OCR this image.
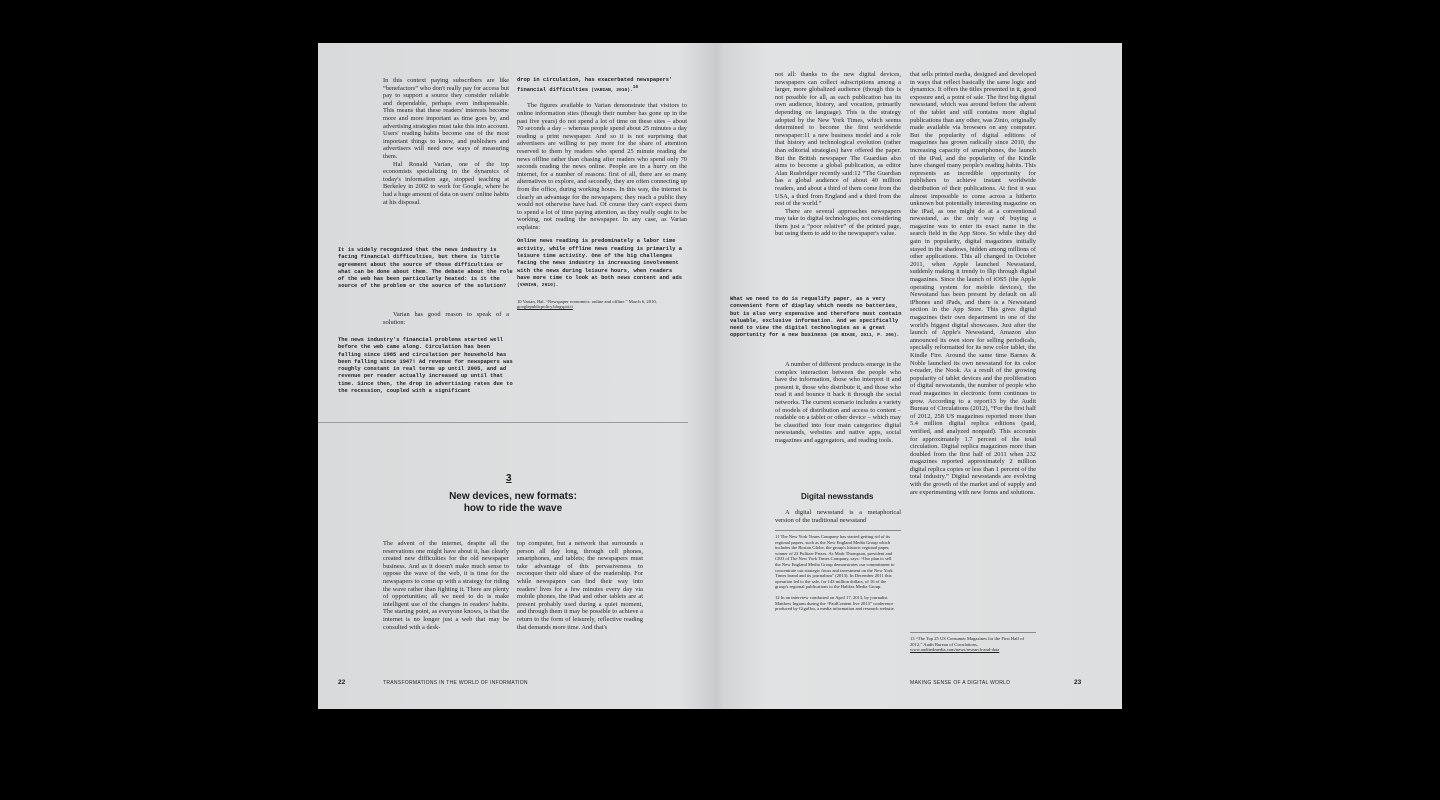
In this context paying subscribers are like “benefactors” who don't really pay for access but pay to support a source they consider reliable and dependable, perhaps even indispensable. This means that these readers' interests become more and more important as time goes by, and advertising strategies must take this into account. Users' reading habits become one of the most important things to know, and publishers and advertisers will need new ways of measuring them.

Hal Ronald Varian, one of the top economists specializing in the dynamics of today's information age, stopped teaching at Berkeley in 2002 to work for Google, where he had a huge amount of data on users' online habits at his disposal.

It is widely recognized that the news industry is facing financial difficulties, but there is little agreement about the source of those difficulties or what can be done about them. The debate about the role of the web has been particularly heated: is it the source of the problem or the source of the solution?

Varian has good reason to speak of a solution:

The news industry's financial problems started well before the web came along. Circulation has been falling since 1985 and circulation per household has been falling since 1947! Ad revenue for newspapers was roughly constant in real terms up until 2005, and ad revenue per reader actually increased up until that time. Since then, the drop in advertising rates due to the recession, coupled with a significant

drop in circulation, has exacerbated newspapers' financial difficulties (VARIAN, 2010).$^{10}$

The figures available to Varian demonstrate that visitors to online information sites (though their number has gone up in the past five years) do not spend a lot of time on these sites – about 70 seconds a day – whereas people spend about 25 minutes a day reading a print newspaper. And so it is not surprising that advertisers are willing to pay more for the share of attention reserved to them by readers who spend 25 minute reading the news offline rather than chasing after readers who spend only 70 seconds reading the news online. People are in a hurry on the internet, for a number of reasons: first of all, there are so many alternatives to explore, and secondly, they are often connecting up from the office, during working hours. In this way, the internet is clearly an advantage for the newspapers; they reach a public they would not otherwise have had. Of course they can't expect them to spend a lot of time paying attention, as they really ought to be working, not reading the newspaper. In any case, as Varian explains:

Online news reading is predominately a labor time activity, while offline news reading is primarily a leisure time activity. One of the big challenges facing the news industry is increasing involvement with the news during leisure hours, when readers have more time to look at both news content and ads (VARIAN, 2010).

10 Varian, Hal. “Newspaper economics: online and offline.” March 6, 2010, googlepublicpolicy.blogspot.it

3
New devices, new formats:
how to ride the wave
The advent of the internet, despite all the reservations one might have about it, has clearly created new difficulties for the old newspaper business. And as it doesn't make much sense to oppose the wave of the web, it is time for the newspapers to come up with a strategy for riding the wave rather than fighting it. There are plenty of opportunities; all we need to do is make intelligent use of the changes in readers' habits. The starting point, as everyone knows, is that the internet is no longer just a web that may be consulted with a desk-
top computer, but a network that surrounds a person all day long, through cell phones, smartphones, and tablets; the newspapers must take advantage of this pervasiveness to reconquer their old share of the readership. For while newspapers can find their way into readers' lives for a few minutes every day via mobile phones, the iPad and other tablets are at present probably used during a quiet moment, and through them it may be possible to achieve a return to the form of leisurely, reflective reading that demands more time. And that's
22	TRANSFORMATIONS IN THE WORLD OF INFORMATION

not all: thanks to the new digital devices, newspapers can collect subscriptions among a larger, more globalized audience (though this is not possible for all, as each publication has its own audience, history, and vocation, primarily depending on language). This is the strategy adopted by the New York Times, which seems determined to become the first worldwide newspaper:11 a new business model and a role that history and technological evolution (rather than editorial strategies) have offered the paper. But the British newspaper The Guardian also aims to become a global publication, as editor Alan Rusbridger recently said:12 “The Guardian has a global audience of about 40 million readers, and about a third of them come from the USA, a third from England and a third from the rest of the world.”

There are several approaches newspapers may take to digital technologies; not considering them just a “poor relative” of the printed page, but using them to add to the newspaper's value.

What we need to do is requalify paper, as a very convenient form of display which needs no batteries, but is also very expensive and therefore must contain valuable, exclusive information. And we specifically need to view the digital technologies as a great opportunity for a new business (DE BIASE, 2011, P. 266).

A number of different products emerge in the complex interaction between the people who have the information, those who interpret it and present it, those who distribute it, and those who read it and bounce it back it through the social networks. The current scenario includes a variety of models of distribution and access to content – readable on a tablet or other device – which may be classified into four main categories: digital newsstands, websites and native apps, social magazines and aggregators, and reading tools.

Digital newsstands

A digital newsstand is a metaphorical version of the traditional newsstand

11 The New York Times Company has started getting rid of its regional papers, such as the New England Media Group which includes the Boston Globe, the group's historic regional paper, winner of 22 Pulitzer Prizes. As Mark Thompson, president and CEO of The New York Times Company, says: “Our plan to sell the New England Media Group demonstrates our commitment to concentrate our strategic focus and investment on the New York Times brand and its journalism” (2013). In December 2011 this operation led to the sale, for 143 million dollars, of 16 of the group's regional publications to the Halifax Media Group.

12 In an interview conducted on April 17, 2013, by journalist Matthew Ingram during the “PaidContent live 2013” conference produced by GigaOm, a media information and research website.

that sells printed media, designed and developed in ways that reflect basically the same logic and dynamics. It offers the titles presented in it, good exposure and, a point of sale. The first big digital newsstand, which was around before the advent of the tablet and still contains more digital publications than any other, was Zinio, originally made available via browsers on any computer. But the popularity of digital editions of magazines has grown radically since 2010, the increasing capacity of smartphones, the launch of the iPad, and the popularity of the Kindle have changed many people's reading habits. This represents an incredible opportunity for publishers to achieve instant worldwide distribution of their publications. At first it was almost impossible to come across a hitherto unknown but potentially interesting magazine on the iPad, as one might do at a conventional newsstand, as the only way of buying a magazine was to enter its exact name in the search field in the App Store. So while they did gain in popularity, digital magazines initially stayed in the shadows, hidden among millions of other applications. This all changed in October 2011, when Apple launched Newsstand, suddenly making it trendy to flip through digital magazines. Since the launch of iOS5 (the Apple operating system for mobile devices), the Newsstand has been present by default on all iPhones and iPads, and there is a Newsstand section in the App Store. This gives digital magazines their own department in one of the world's biggest digital showcases. Just after the launch of Apple's Newsstand, Amazon also announced its own store for selling periodicals, specially reformatted for its new color tablet, the Kindle Fire. Around the same time Barnes & Noble launched its own newsstand for its color e-reader, the Nook. As a result of the growing popularity of tablet devices and the proliferation of digital newsstands, the number of people who read magazines in electronic form continues to grow. According to a report13 by the Audit Bureau of Circulations (2012), “For the first half of 2012, 258 US magazines reported more than 5.4 million digital replica editions (paid, verified, and analyzed nonpaid). This accounts for approximately 1.7 percent of the total circulation. Digital replica magazines more than doubled from the first half of 2011 when 232 magazines reported approximately 2 million digital replica copies or less than 1 percent of the total industry.” Digital newsstands are evolving with the growth of the market and of supply and are experimenting with new forms and solutions.
13 “The Top 25 US Consumer Magazines for the First Half of 2012,” Audit Bureau of Circulations, www.auditedmedia.com/news/research-and-data
MAKING SENSE OF A DIGITAL WORLD	23
